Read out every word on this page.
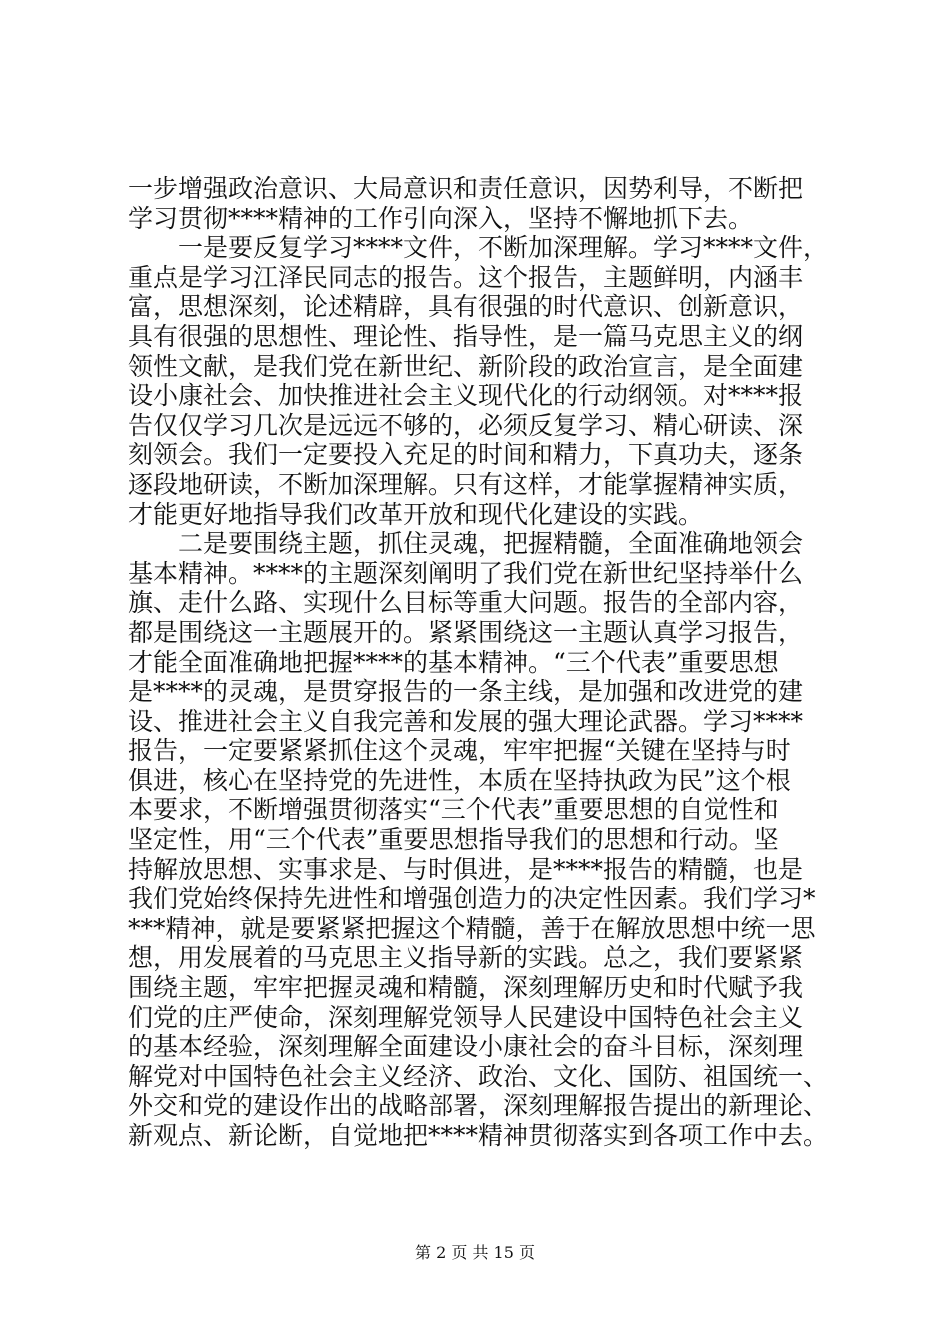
一步增强政治意识、大局意识和责任意识，因势利导，不断把
学习贯彻****精神的工作引向深入，坚持不懈地抓下去。
　　一是要反复学习****文件，不断加深理解。学习****文件，
重点是学习江泽民同志的报告。这个报告，主题鲜明，内涵丰
富，思想深刻，论述精辟，具有很强的时代意识、创新意识，
具有很强的思想性、理论性、指导性，是一篇马克思主义的纲
领性文献，是我们党在新世纪、新阶段的政治宣言，是全面建
设小康社会、加快推进社会主义现代化的行动纲领。对****报
告仅仅学习几次是远远不够的，必须反复学习、精心研读、深
刻领会。我们一定要投入充足的时间和精力，下真功夫，逐条
逐段地研读，不断加深理解。只有这样，才能掌握精神实质，
才能更好地指导我们改革开放和现代化建设的实践。
　　二是要围绕主题，抓住灵魂，把握精髓，全面准确地领会
基本精神。****的主题深刻阐明了我们党在新世纪坚持举什么
旗、走什么路、实现什么目标等重大问题。报告的全部内容，
都是围绕这一主题展开的。紧紧围绕这一主题认真学习报告，
才能全面准确地把握****的基本精神。“三个代表”重要思想
是****的灵魂，是贯穿报告的一条主线，是加强和改进党的建
设、推进社会主义自我完善和发展的强大理论武器。学习****
报告，一定要紧紧抓住这个灵魂，牢牢把握“关键在坚持与时
俱进，核心在坚持党的先进性，本质在坚持执政为民”这个根
本要求，不断增强贯彻落实“三个代表”重要思想的自觉性和
坚定性，用“三个代表”重要思想指导我们的思想和行动。坚
持解放思想、实事求是、与时俱进，是****报告的精髓，也是
我们党始终保持先进性和增强创造力的决定性因素。我们学习*
***精神，就是要紧紧把握这个精髓，善于在解放思想中统一思
想，用发展着的马克思主义指导新的实践。总之，我们要紧紧
围绕主题，牢牢把握灵魂和精髓，深刻理解历史和时代赋予我
们党的庄严使命，深刻理解党领导人民建设中国特色社会主义
的基本经验，深刻理解全面建设小康社会的奋斗目标，深刻理
解党对中国特色社会主义经济、政治、文化、国防、祖国统一、
外交和党的建设作出的战略部署，深刻理解报告提出的新理论、
新观点、新论断，自觉地把****精神贯彻落实到各项工作中去。
第 2 页 共 15 页
